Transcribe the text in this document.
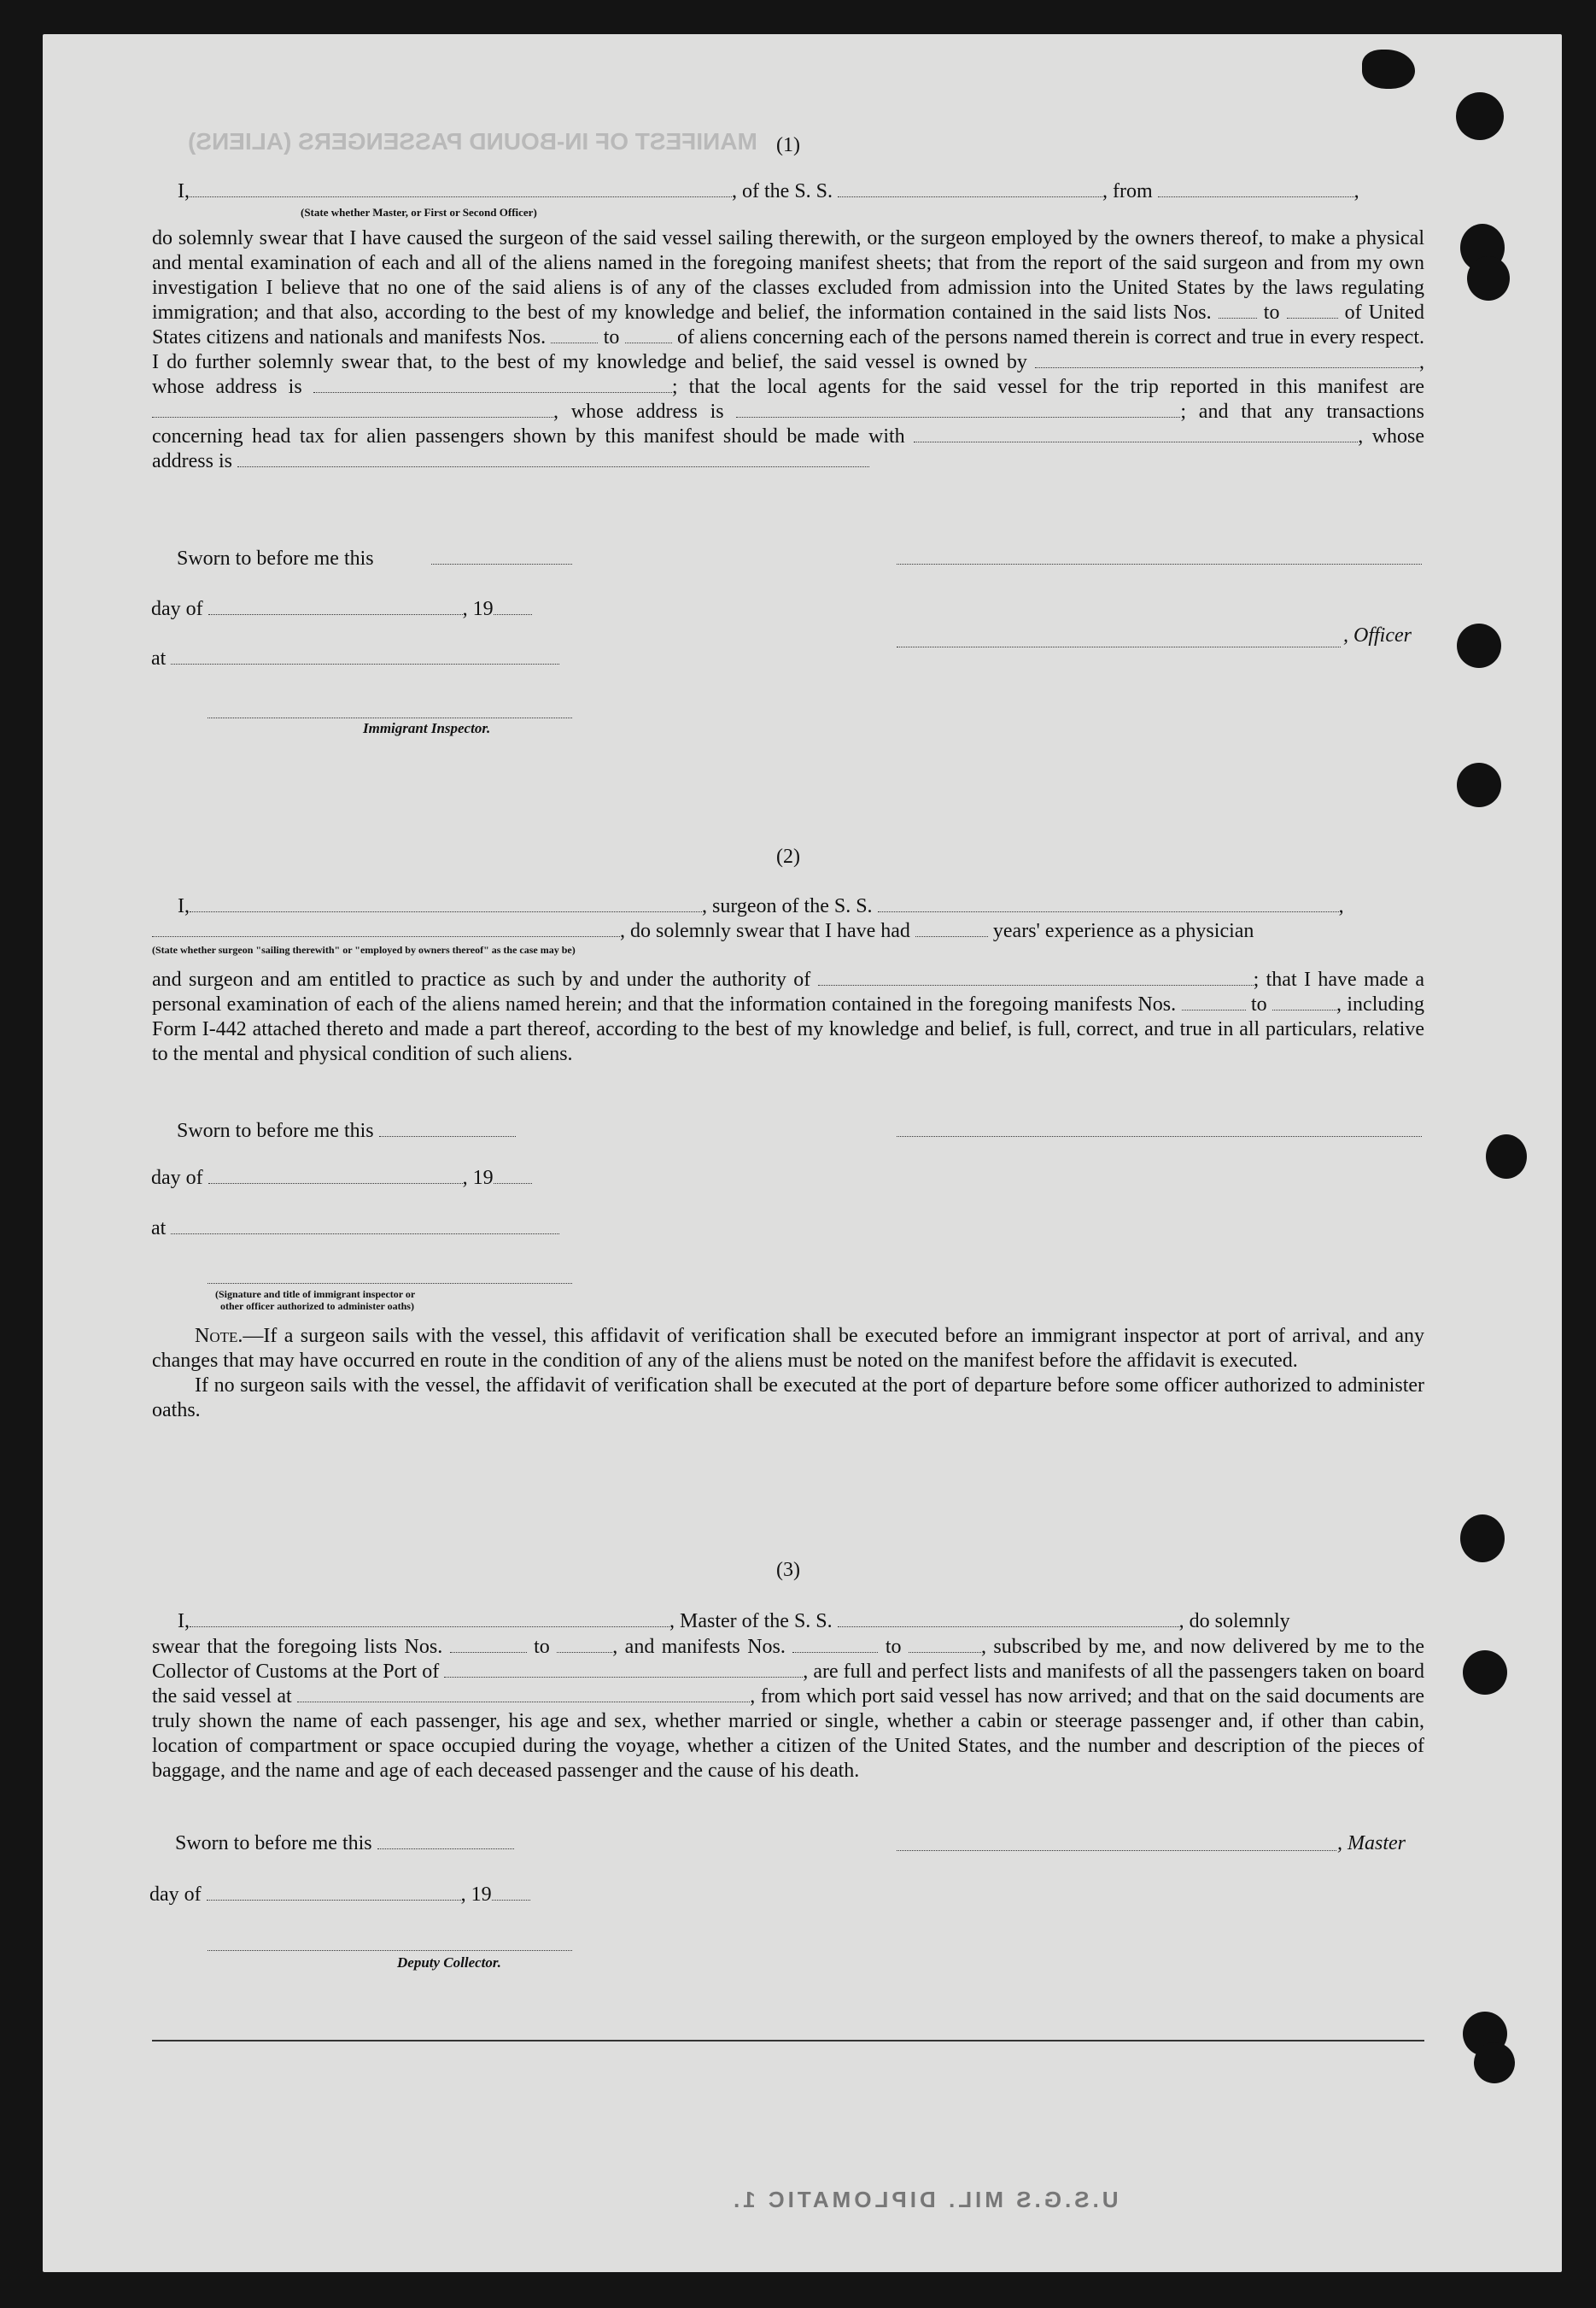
MANIFEST OF IN-BOUND PASSENGERS (ALIENS) (1)
I,	, of the S. S.	, from	,
(State whether Master, or First or Second Officer)

do solemnly swear that I have caused the surgeon of the said vessel sailing therewith, or the surgeon employed by the owners thereof, to make a physical and mental examination of each and all of the aliens named in the foregoing manifest sheets; that from the report of the said surgeon and from my own investigation I believe that no one of the said aliens is of any of the classes excluded from admission into the United States by the laws regulating immigration; and that also, according to the best of my knowledge and belief, the information contained in the said lists Nos.	to	of United States citizens and nationals and manifests Nos.	to	of aliens concerning each of the persons named therein is correct and true in every respect. I do further solemnly swear that, to the best of my knowledge and belief, the said vessel is owned by	, whose address is	; that the local agents for the said vessel for the trip reported in this manifest are , whose address is	; and that any transactions concerning head tax for alien passengers shown by this manifest should be made with	, whose address is

Sworn to before me this
day of	, 19
, Officer
at
Immigrant Inspector.
(2)
I,	, surgeon of the S. S.	,
, do solemnly swear that I have had	years' experience as a physician
(State whether surgeon "sailing therewith" or "employed by owners thereof" as the case may be)

and surgeon and am entitled to practice as such by and under the authority of	; that I have made a personal examination of each of the aliens named herein; and that the information contained in the foregoing manifests Nos.	to	, including Form I-442 attached thereto and made a part thereof, according to the best of my knowledge and belief, is full, correct, and true in all particulars, relative to the mental and physical condition of such aliens.

Sworn to before me this
day of	, 19
at
(Signature and title of immigrant inspector or
other officer authorized to administer oaths)

Note.—If a surgeon sails with the vessel, this affidavit of verification shall be executed before an immigrant inspector at port of arrival, and any changes that may have occurred en route in the condition of any of the aliens must be noted on the manifest before the affidavit is executed.

If no surgeon sails with the vessel, the affidavit of verification shall be executed at the port of departure before some officer authorized to administer oaths.

(3)
I,	, Master of the S. S.	, do solemnly

swear that the foregoing lists Nos.	to	, and manifests Nos.	to	, subscribed by me, and now delivered by me to the Collector of Customs at the Port of	, are full and perfect lists and manifests of all the passengers taken on board the said vessel at	, from which port said vessel has now arrived; and that on the said documents are truly shown the name of each passenger, his age and sex, whether married or single, whether a cabin or steerage passenger and, if other than cabin, location of compartment or space occupied during the voyage, whether a citizen of the United States, and the number and description of the pieces of baggage, and the name and age of each deceased passenger and the cause of his death.

Sworn to before me this	, Master
day of	, 19
Deputy Collector.
U.S.G.S MIL. DIPLOMATIC 1.
